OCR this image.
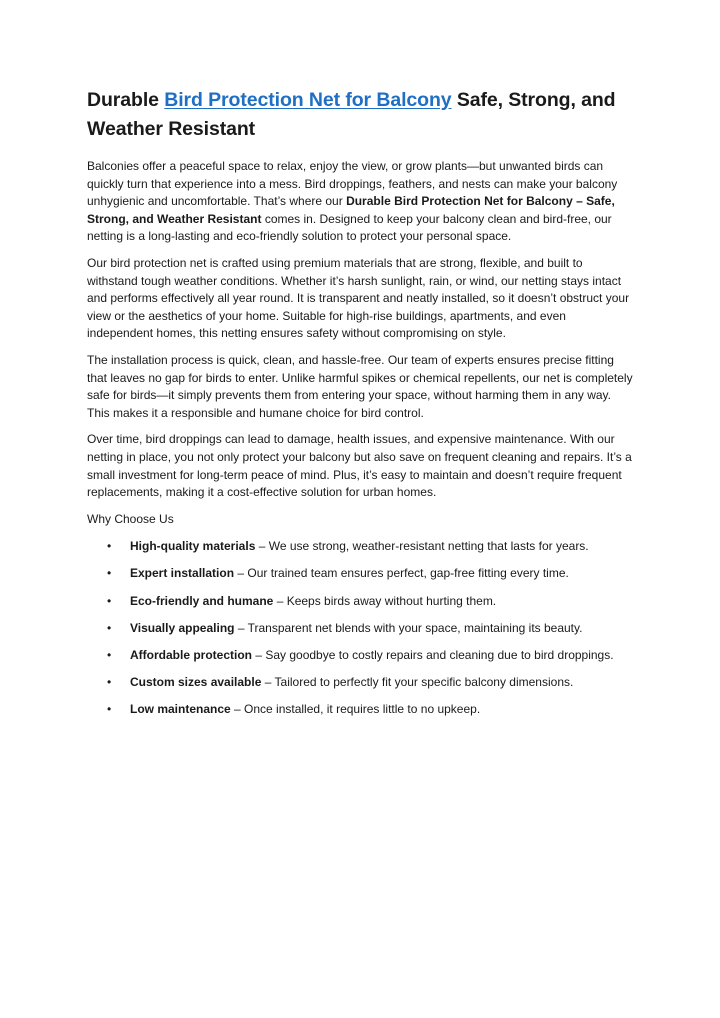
Durable Bird Protection Net for Balcony Safe, Strong, and Weather Resistant

Balconies offer a peaceful space to relax, enjoy the view, or grow plants—but unwanted birds can quickly turn that experience into a mess. Bird droppings, feathers, and nests can make your balcony unhygienic and uncomfortable. That’s where our Durable Bird Protection Net for Balcony – Safe, Strong, and Weather Resistant comes in. Designed to keep your balcony clean and bird-free, our netting is a long-lasting and eco-friendly solution to protect your personal space.

Our bird protection net is crafted using premium materials that are strong, flexible, and built to withstand tough weather conditions. Whether it’s harsh sunlight, rain, or wind, our netting stays intact and performs effectively all year round. It is transparent and neatly installed, so it doesn’t obstruct your view or the aesthetics of your home. Suitable for high-rise buildings, apartments, and even independent homes, this netting ensures safety without compromising on style.

The installation process is quick, clean, and hassle-free. Our team of experts ensures precise fitting that leaves no gap for birds to enter. Unlike harmful spikes or chemical repellents, our net is completely safe for birds—it simply prevents them from entering your space, without harming them in any way. This makes it a responsible and humane choice for bird control.

Over time, bird droppings can lead to damage, health issues, and expensive maintenance. With our netting in place, you not only protect your balcony but also save on frequent cleaning and repairs. It’s a small investment for long-term peace of mind. Plus, it’s easy to maintain and doesn’t require frequent replacements, making it a cost-effective solution for urban homes.

Why Choose Us
• High-quality materials – We use strong, weather-resistant netting that lasts for years.
• Expert installation – Our trained team ensures perfect, gap-free fitting every time.
• Eco-friendly and humane – Keeps birds away without hurting them.
• Visually appealing – Transparent net blends with your space, maintaining its beauty.
• Affordable protection – Say goodbye to costly repairs and cleaning due to bird droppings.
• Custom sizes available – Tailored to perfectly fit your specific balcony dimensions.
• Low maintenance – Once installed, it requires little to no upkeep.
